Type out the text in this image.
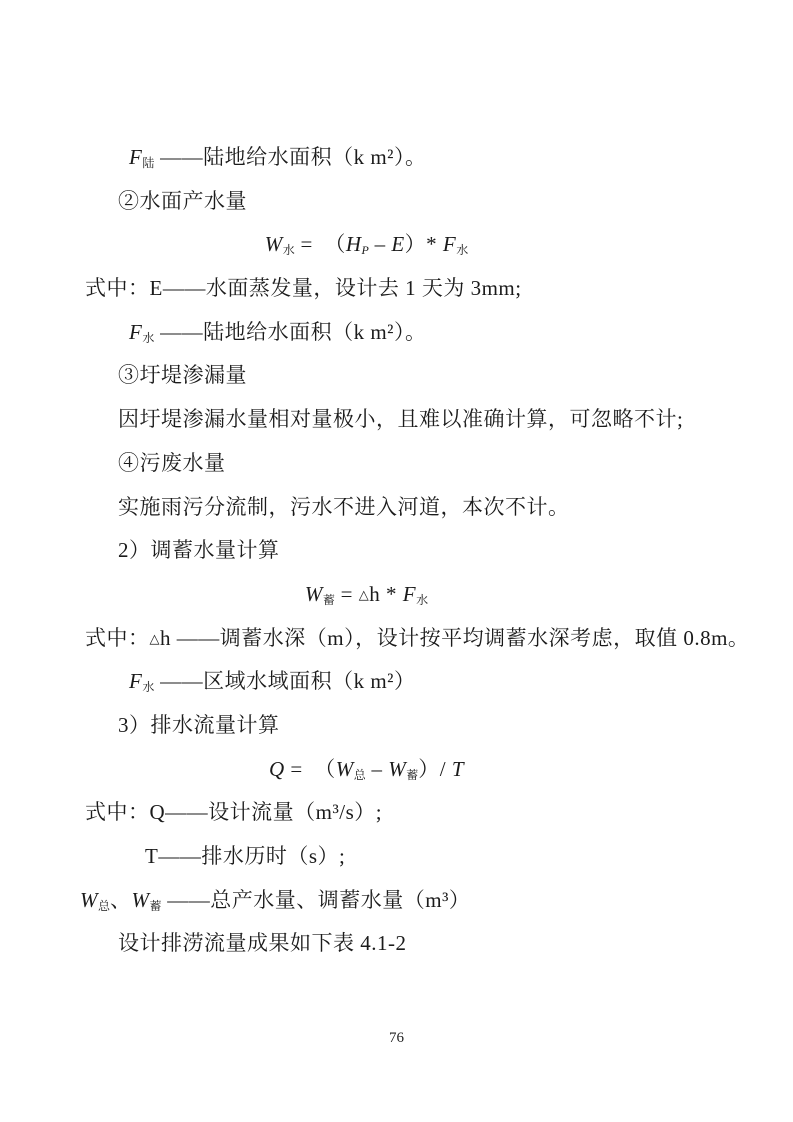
F陆 ——陆地给水面积（k m²）。
②水面产水量
W水 =  （HP – E）* F水
式中：E——水面蒸发量，设计去 1 天为 3mm;
F水 ——陆地给水面积（k m²）。
③圩堤渗漏量
因圩堤渗漏水量相对量极小，且难以准确计算，可忽略不计;
④污废水量
实施雨污分流制，污水不进入河道，本次不计。
2）调蓄水量计算
W蓄 = △h * F水
式中：△h ——调蓄水深（m），设计按平均调蓄水深考虑，取值 0.8m。
F水 ——区域水域面积（k m²）
3）排水流量计算
Q =  （W总 – W蓄）/ T
式中：Q——设计流量（m³/s）;
T——排水历时（s）;
W总、W蓄 ——总产水量、调蓄水量（m³）
设计排涝流量成果如下表 4.1-2
76
